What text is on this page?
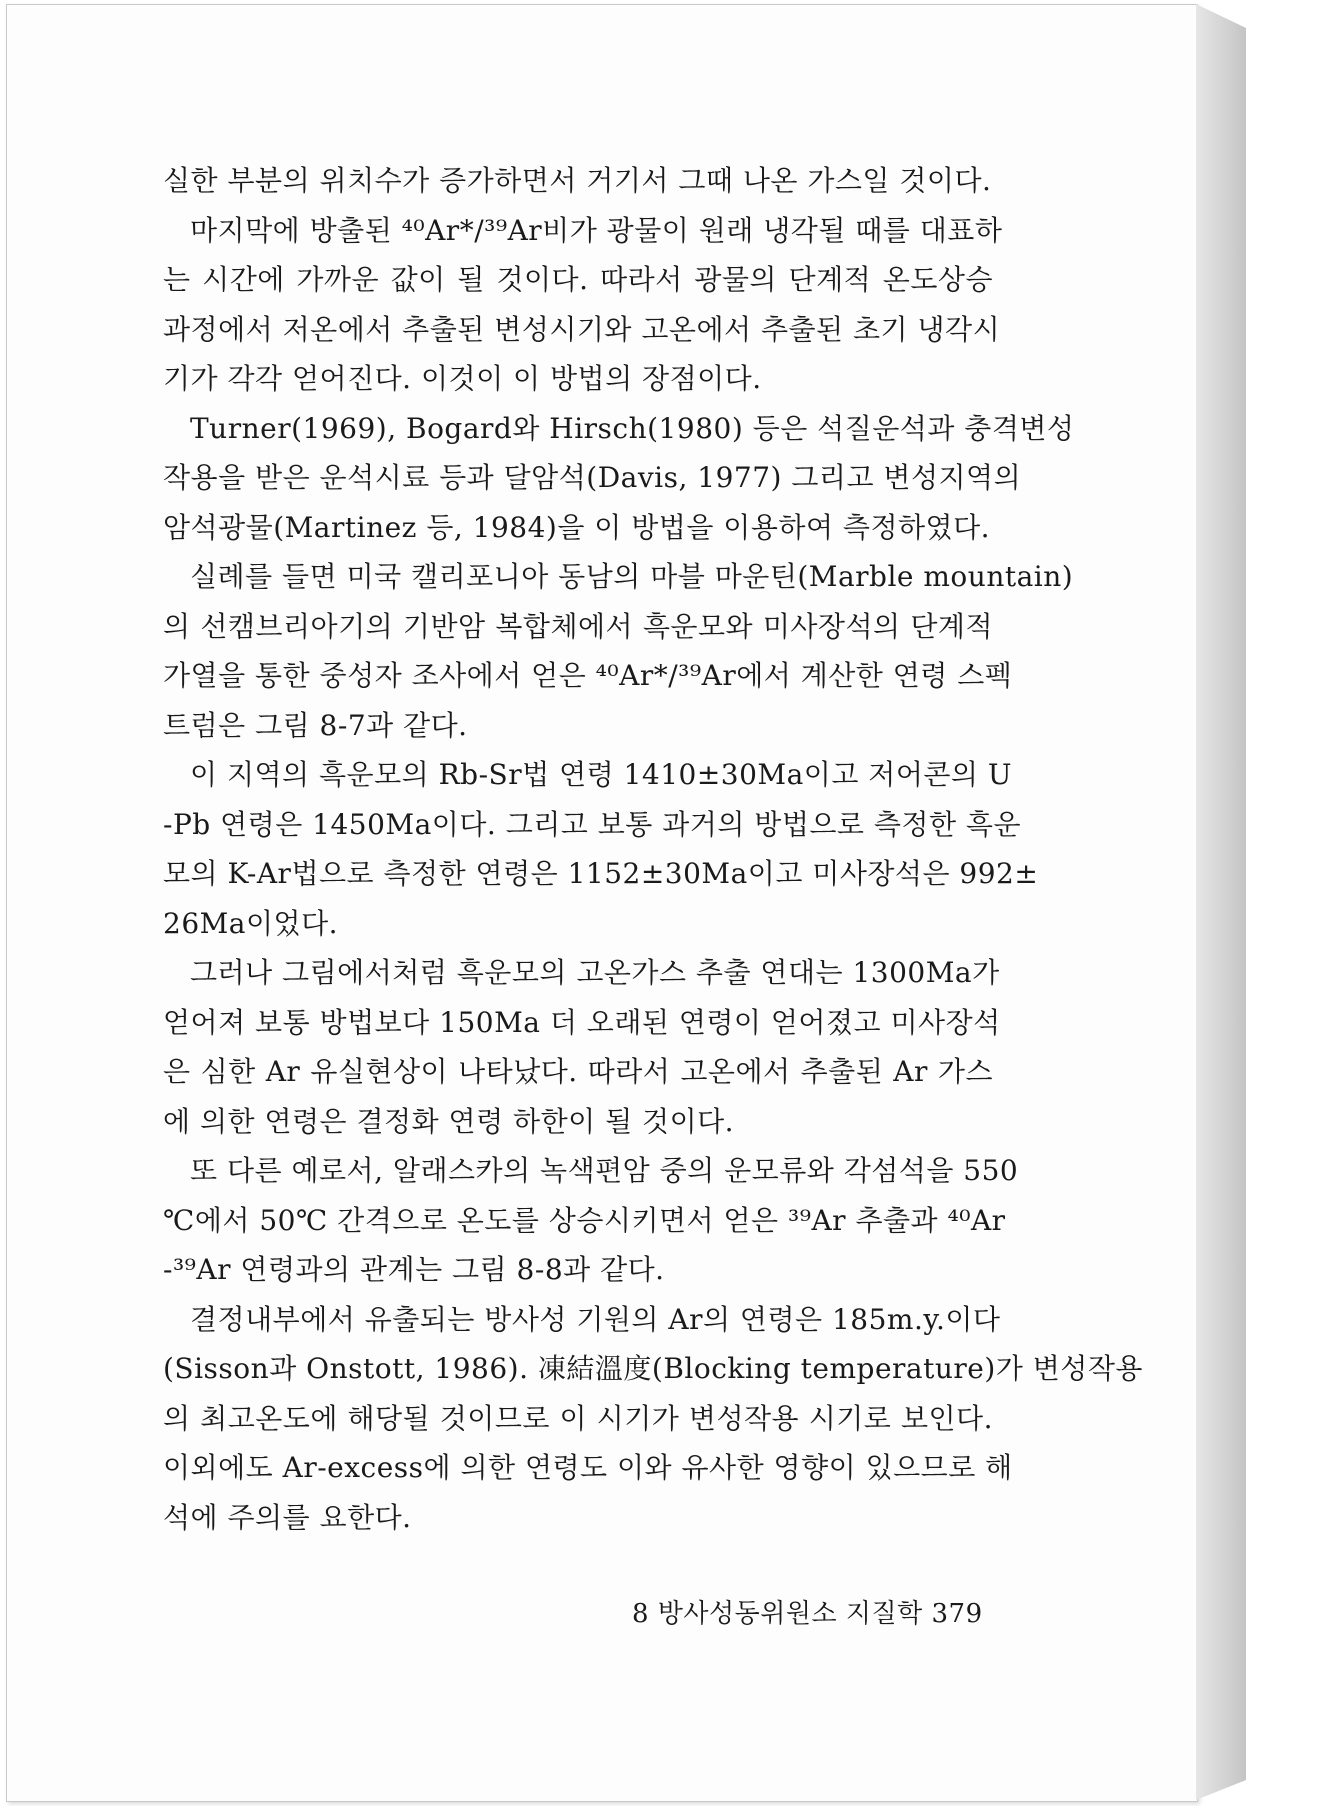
실한 부분의 위치수가 증가하면서 거기서 그때 나온 가스일 것이다.
마지막에 방출된 ⁴⁰Ar*/³⁹Ar비가 광물이 원래 냉각될 때를 대표하
는 시간에 가까운 값이 될 것이다. 따라서 광물의 단계적 온도상승
과정에서 저온에서 추출된 변성시기와 고온에서 추출된 초기 냉각시
기가 각각 얻어진다. 이것이 이 방법의 장점이다.
Turner(1969), Bogard와 Hirsch(1980) 등은 석질운석과 충격변성
작용을 받은 운석시료 등과 달암석(Davis, 1977) 그리고 변성지역의
암석광물(Martinez 등, 1984)을 이 방법을 이용하여 측정하였다.
실례를 들면 미국 캘리포니아 동남의 마블 마운틴(Marble mountain)
의 선캠브리아기의 기반암 복합체에서 흑운모와 미사장석의 단계적
가열을 통한 중성자 조사에서 얻은 ⁴⁰Ar*/³⁹Ar에서 계산한 연령 스펙
트럼은 그림 8-7과 같다.
이 지역의 흑운모의 Rb-Sr법 연령 1410±30Ma이고 저어콘의 U
-Pb 연령은 1450Ma이다. 그리고 보통 과거의 방법으로 측정한 흑운
모의 K-Ar법으로 측정한 연령은 1152±30Ma이고 미사장석은 992±
26Ma이었다.
그러나 그림에서처럼 흑운모의 고온가스 추출 연대는 1300Ma가
얻어져 보통 방법보다 150Ma 더 오래된 연령이 얻어졌고 미사장석
은 심한 Ar 유실현상이 나타났다. 따라서 고온에서 추출된 Ar 가스
에 의한 연령은 결정화 연령 하한이 될 것이다.
또 다른 예로서, 알래스카의 녹색편암 중의 운모류와 각섬석을 550
℃에서 50℃ 간격으로 온도를 상승시키면서 얻은 ³⁹Ar 추출과 ⁴⁰Ar
-³⁹Ar 연령과의 관계는 그림 8-8과 같다.
결정내부에서 유출되는 방사성 기원의 Ar의 연령은 185m.y.이다
(Sisson과 Onstott, 1986). 凍結溫度(Blocking temperature)가 변성작용
의 최고온도에 해당될 것이므로 이 시기가 변성작용 시기로 보인다.
이외에도 Ar-excess에 의한 연령도 이와 유사한 영향이 있으므로 해
석에 주의를 요한다.
8 방사성동위원소 지질학 379
